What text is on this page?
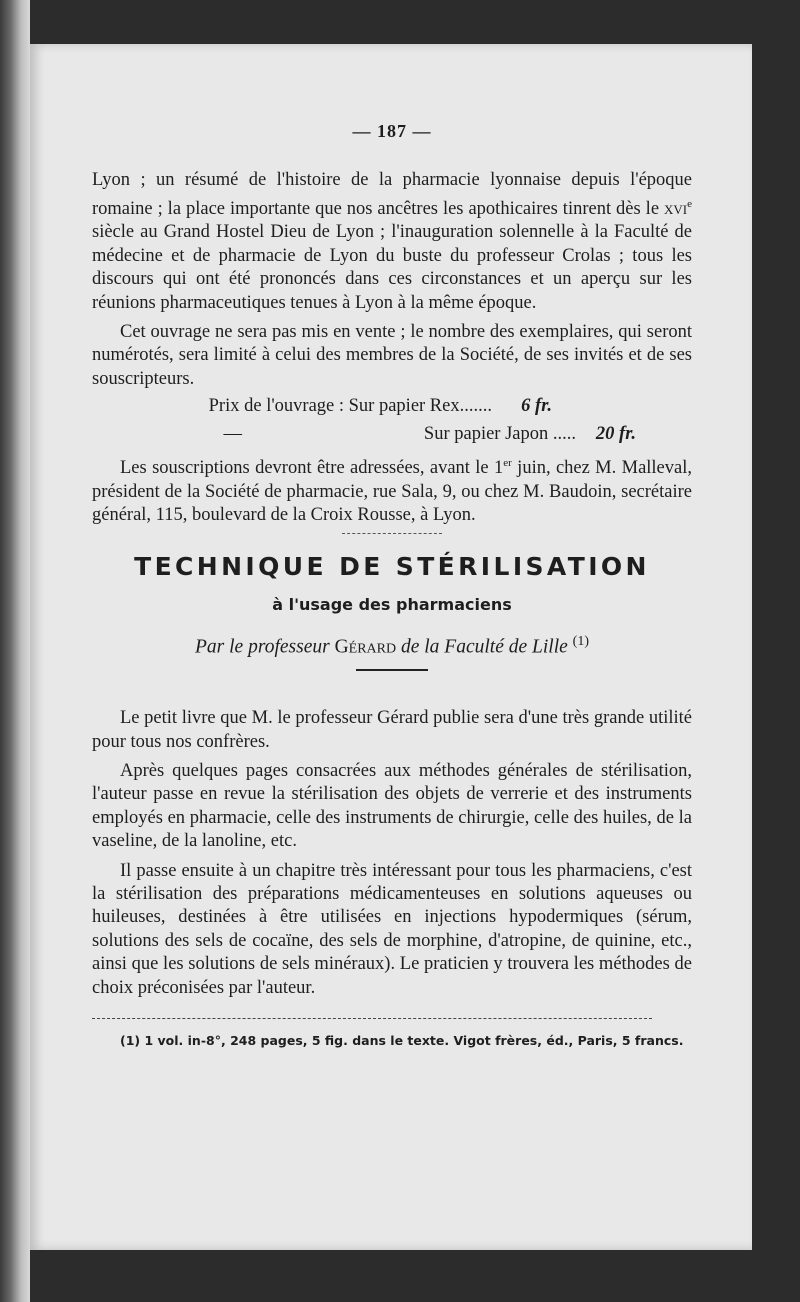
— 187 —

Lyon ; un résumé de l'histoire de la pharmacie lyonnaise depuis l'époque romaine ; la place importante que nos ancêtres les apothicaires tinrent dès le xvi$^e$ siècle au Grand Hostel Dieu de Lyon ; l'inauguration solennelle à la Faculté de médecine et de pharmacie de Lyon du buste du professeur Crolas ; tous les discours qui ont été prononcés dans ces circonstances et un aperçu sur les réunions pharmaceutiques tenues à Lyon à la même époque.

Cet ouvrage ne sera pas mis en vente ; le nombre des exemplaires, qui seront numérotés, sera limité à celui des membres de la Société, de ses invités et de ses souscripteurs.

Prix de l'ouvrage : Sur papier Rex.......	6 fr.
—	Sur papier Japon .....	20 fr.

Les souscriptions devront être adressées, avant le 1er juin, chez M. Malleval, président de la Société de pharmacie, rue Sala, 9, ou chez M. Baudoin, secrétaire général, 115, boulevard de la Croix Rousse, à Lyon.

TECHNIQUE DE STÉRILISATION
à l'usage des pharmaciens
Par le professeur Gérard de la Faculté de Lille $^{(1)}$

Le petit livre que M. le professeur Gérard publie sera d'une très grande utilité pour tous nos confrères.

Après quelques pages consacrées aux méthodes générales de stérilisation, l'auteur passe en revue la stérilisation des objets de verrerie et des instruments employés en pharmacie, celle des instruments de chirurgie, celle des huiles, de la vaseline, de la lanoline, etc.

Il passe ensuite à un chapitre très intéressant pour tous les pharmaciens, c'est la stérilisation des préparations médicamenteuses en solutions aqueuses ou huileuses, destinées à être utilisées en injections hypodermiques (sérum, solutions des sels de cocaïne, des sels de morphine, d'atropine, de quinine, etc., ainsi que les solutions de sels minéraux). Le praticien y trouvera les méthodes de choix préconisées par l'auteur.

(1) 1 vol. in-8°, 248 pages, 5 fig. dans le texte. Vigot frères, éd., Paris, 5 francs.
